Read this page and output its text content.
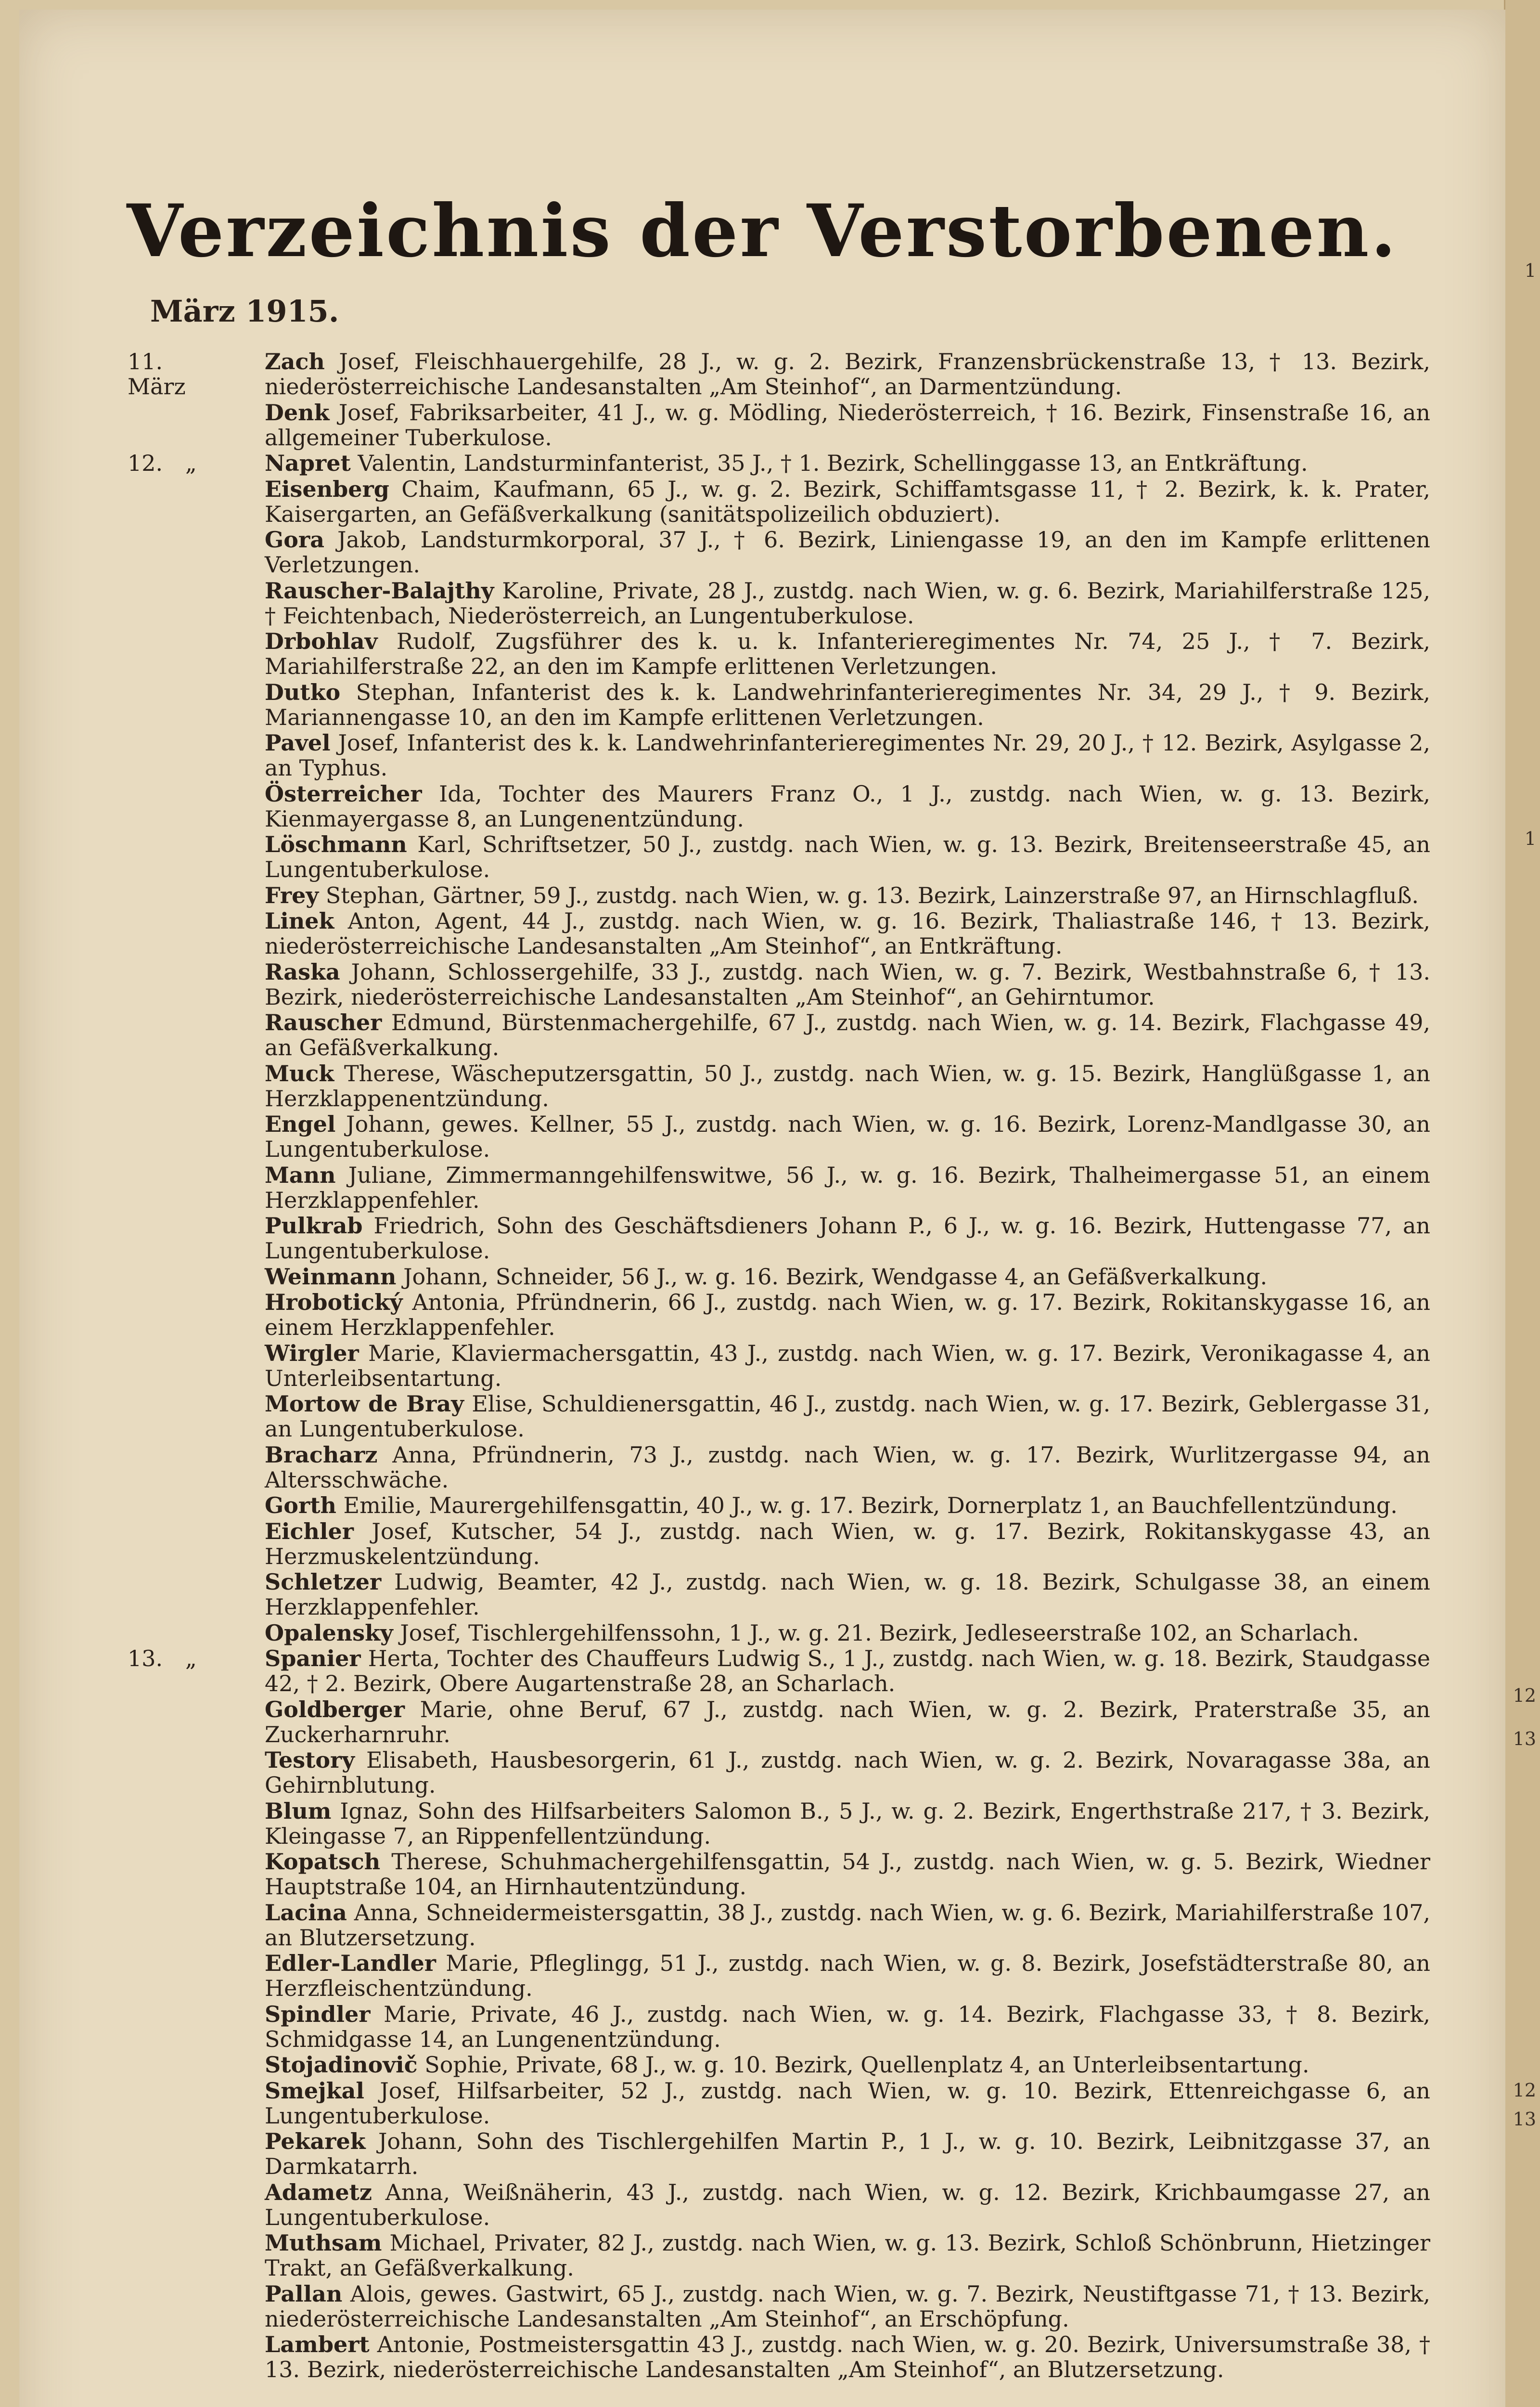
1
1
12
13
12
13
Verzeichnis der Verstorbenen.
März 1915.
11.März
Zach Josef, Fleischhauergehilfe, 28 J., w. g. 2. Bezirk, Franzensbrückenstraße 13, † 13. Bezirk, niederösterreichische Landesanstalten „Am Steinhof“, an Darmentzündung.
Denk Josef, Fabriksarbeiter, 41 J., w. g. Mödling, Niederösterreich, † 16. Bezirk, Finsenstraße 16, an allgemeiner Tuberkulose.
12. „	Napret Valentin, Landsturminfanterist, 35 J., † 1. Bezirk, Schellinggasse 13, an Entkräftung.
Eisenberg Chaim, Kaufmann, 65 J., w. g. 2. Bezirk, Schiffamtsgasse 11, † 2. Bezirk, k. k. Prater, Kaisergarten, an Gefäßverkalkung (sanitätspolizeilich obduziert).
Gora Jakob, Landsturmkorporal, 37 J., † 6. Bezirk, Liniengasse 19, an den im Kampfe erlittenen Verletzungen.
Rauscher-Balajthy Karoline, Private, 28 J., zustdg. nach Wien, w. g. 6. Bezirk, Mariahilferstraße 125, † Feichtenbach, Niederösterreich, an Lungentuberkulose.
Drbohlav Rudolf, Zugsführer des k. u. k. Infanterieregimentes Nr. 74, 25 J., † 7. Bezirk, Mariahilferstraße 22, an den im Kampfe erlittenen Verletzungen.
Dutko Stephan, Infanterist des k. k. Landwehrinfanterieregimentes Nr. 34, 29 J., † 9. Bezirk, Mariannengasse 10, an den im Kampfe erlittenen Verletzungen.
Pavel Josef, Infanterist des k. k. Landwehrinfanterieregimentes Nr. 29, 20 J., † 12. Bezirk, Asylgasse 2, an Typhus.
Österreicher Ida, Tochter des Maurers Franz O., 1 J., zustdg. nach Wien, w. g. 13. Bezirk, Kienmayergasse 8, an Lungenentzündung.
Löschmann Karl, Schriftsetzer, 50 J., zustdg. nach Wien, w. g. 13. Bezirk, Breitenseerstraße 45, an Lungentuberkulose.
Frey Stephan, Gärtner, 59 J., zustdg. nach Wien, w. g. 13. Bezirk, Lainzerstraße 97, an Hirnschlagfluß.
Linek Anton, Agent, 44 J., zustdg. nach Wien, w. g. 16. Bezirk, Thaliastraße 146, † 13. Bezirk, niederösterreichische Landesanstalten „Am Steinhof“, an Entkräftung.
Raska Johann, Schlossergehilfe, 33 J., zustdg. nach Wien, w. g. 7. Bezirk, Westbahnstraße 6, † 13. Bezirk, niederösterreichische Landesanstalten „Am Steinhof“, an Gehirntumor.
Rauscher Edmund, Bürstenmachergehilfe, 67 J., zustdg. nach Wien, w. g. 14. Bezirk, Flachgasse 49, an Gefäßverkalkung.
Muck Therese, Wäscheputzersgattin, 50 J., zustdg. nach Wien, w. g. 15. Bezirk, Hanglüßgasse 1, an Herzklappenentzündung.
Engel Johann, gewes. Kellner, 55 J., zustdg. nach Wien, w. g. 16. Bezirk, Lorenz-Mandlgasse 30, an Lungentuberkulose.
Mann Juliane, Zimmermanngehilfenswitwe, 56 J., w. g. 16. Bezirk, Thalheimergasse 51, an einem Herzklappenfehler.
Pulkrab Friedrich, Sohn des Geschäftsdieners Johann P., 6 J., w. g. 16. Bezirk, Huttengasse 77, an Lungentuberkulose.
Weinmann Johann, Schneider, 56 J., w. g. 16. Bezirk, Wendgasse 4, an Gefäßverkalkung.
Hrobotický Antonia, Pfründnerin, 66 J., zustdg. nach Wien, w. g. 17. Bezirk, Rokitanskygasse 16, an einem Herzklappenfehler.
Wirgler Marie, Klaviermachersgattin, 43 J., zustdg. nach Wien, w. g. 17. Bezirk, Veronikagasse 4, an Unterleibsentartung.
Mortow de Bray Elise, Schuldienersgattin, 46 J., zustdg. nach Wien, w. g. 17. Bezirk, Geblergasse 31, an Lungentuberkulose.
Bracharz Anna, Pfründnerin, 73 J., zustdg. nach Wien, w. g. 17. Bezirk, Wurlitzergasse 94, an Altersschwäche.
Gorth Emilie, Maurergehilfensgattin, 40 J., w. g. 17. Bezirk, Dornerplatz 1, an Bauchfellentzündung.
Eichler Josef, Kutscher, 54 J., zustdg. nach Wien, w. g. 17. Bezirk, Rokitanskygasse 43, an Herzmuskelentzündung.
Schletzer Ludwig, Beamter, 42 J., zustdg. nach Wien, w. g. 18. Bezirk, Schulgasse 38, an einem Herzklappenfehler.
Opalensky Josef, Tischlergehilfenssohn, 1 J., w. g. 21. Bezirk, Jedleseerstraße 102, an Scharlach.
13. „	Spanier Herta, Tochter des Chauffeurs Ludwig S., 1 J., zustdg. nach Wien, w. g. 18. Bezirk, Staudgasse 42, † 2. Bezirk, Obere Augartenstraße 28, an Scharlach.
Goldberger Marie, ohne Beruf, 67 J., zustdg. nach Wien, w. g. 2. Bezirk, Praterstraße 35, an Zuckerharnruhr.
Testory Elisabeth, Hausbesorgerin, 61 J., zustdg. nach Wien, w. g. 2. Bezirk, Novaragasse 38a, an Gehirnblutung.
Blum Ignaz, Sohn des Hilfsarbeiters Salomon B., 5 J., w. g. 2. Bezirk, Engerthstraße 217, † 3. Bezirk, Kleingasse 7, an Rippenfellentzündung.
Kopatsch Therese, Schuhmachergehilfensgattin, 54 J., zustdg. nach Wien, w. g. 5. Bezirk, Wiedner Hauptstraße 104, an Hirnhautentzündung.
Lacina Anna, Schneidermeistersgattin, 38 J., zustdg. nach Wien, w. g. 6. Bezirk, Mariahilferstraße 107, an Blutzersetzung.
Edler-Landler Marie, Pfleglingg, 51 J., zustdg. nach Wien, w. g. 8. Bezirk, Josefstädterstraße 80, an Herzfleischentzündung.
Spindler Marie, Private, 46 J., zustdg. nach Wien, w. g. 14. Bezirk, Flachgasse 33, † 8. Bezirk, Schmidgasse 14, an Lungenentzündung.
Stojadinovič Sophie, Private, 68 J., w. g. 10. Bezirk, Quellenplatz 4, an Unterleibsentartung.
Smejkal Josef, Hilfsarbeiter, 52 J., zustdg. nach Wien, w. g. 10. Bezirk, Ettenreichgasse 6, an Lungentuberkulose.
Pekarek Johann, Sohn des Tischlergehilfen Martin P., 1 J., w. g. 10. Bezirk, Leibnitzgasse 37, an Darmkatarrh.
Adametz Anna, Weißnäherin, 43 J., zustdg. nach Wien, w. g. 12. Bezirk, Krichbaumgasse 27, an Lungentuberkulose.
Muthsam Michael, Privater, 82 J., zustdg. nach Wien, w. g. 13. Bezirk, Schloß Schönbrunn, Hietzinger Trakt, an Gefäßverkalkung.
Pallan Alois, gewes. Gastwirt, 65 J., zustdg. nach Wien, w. g. 7. Bezirk, Neustiftgasse 71, † 13. Bezirk, niederösterreichische Landesanstalten „Am Steinhof“, an Erschöpfung.
Lambert Antonie, Postmeistersgattin 43 J., zustdg. nach Wien, w. g. 20. Bezirk, Universumstraße 38, † 13. Bezirk, niederösterreichische Landesanstalten „Am Steinhof“, an Blutzersetzung.
